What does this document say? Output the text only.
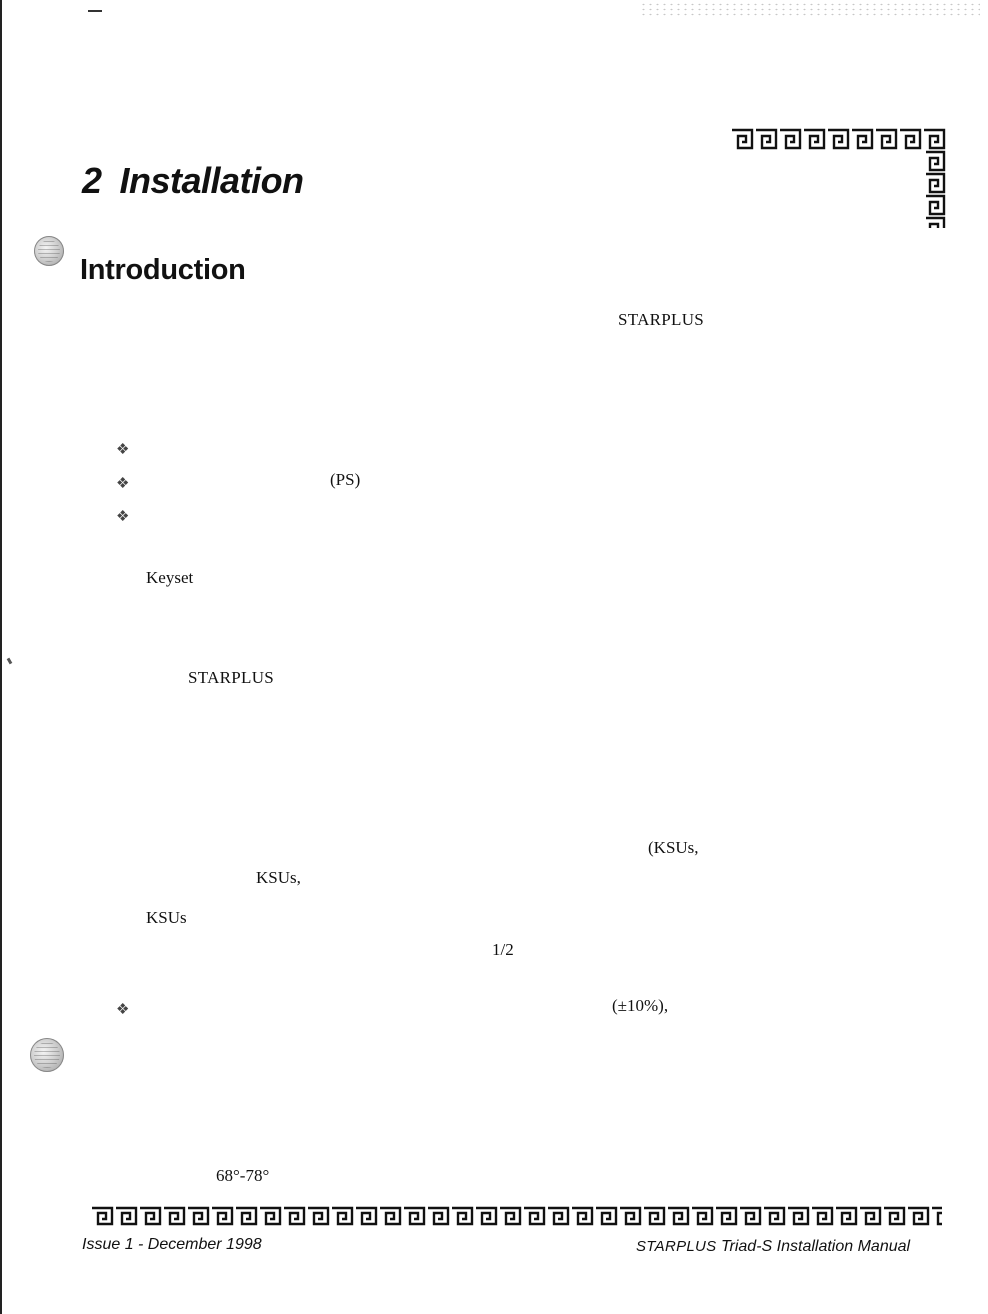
2 Installation
Introduction
STARPLUS
❖
❖	(PS)
❖
Keyset
STARPLUS
(KSUs,
KSUs,
KSUs
1/2
❖	(±10%),
68°-78°
Issue 1 - December 1998	STARPLUS Triad-S Installation Manual
